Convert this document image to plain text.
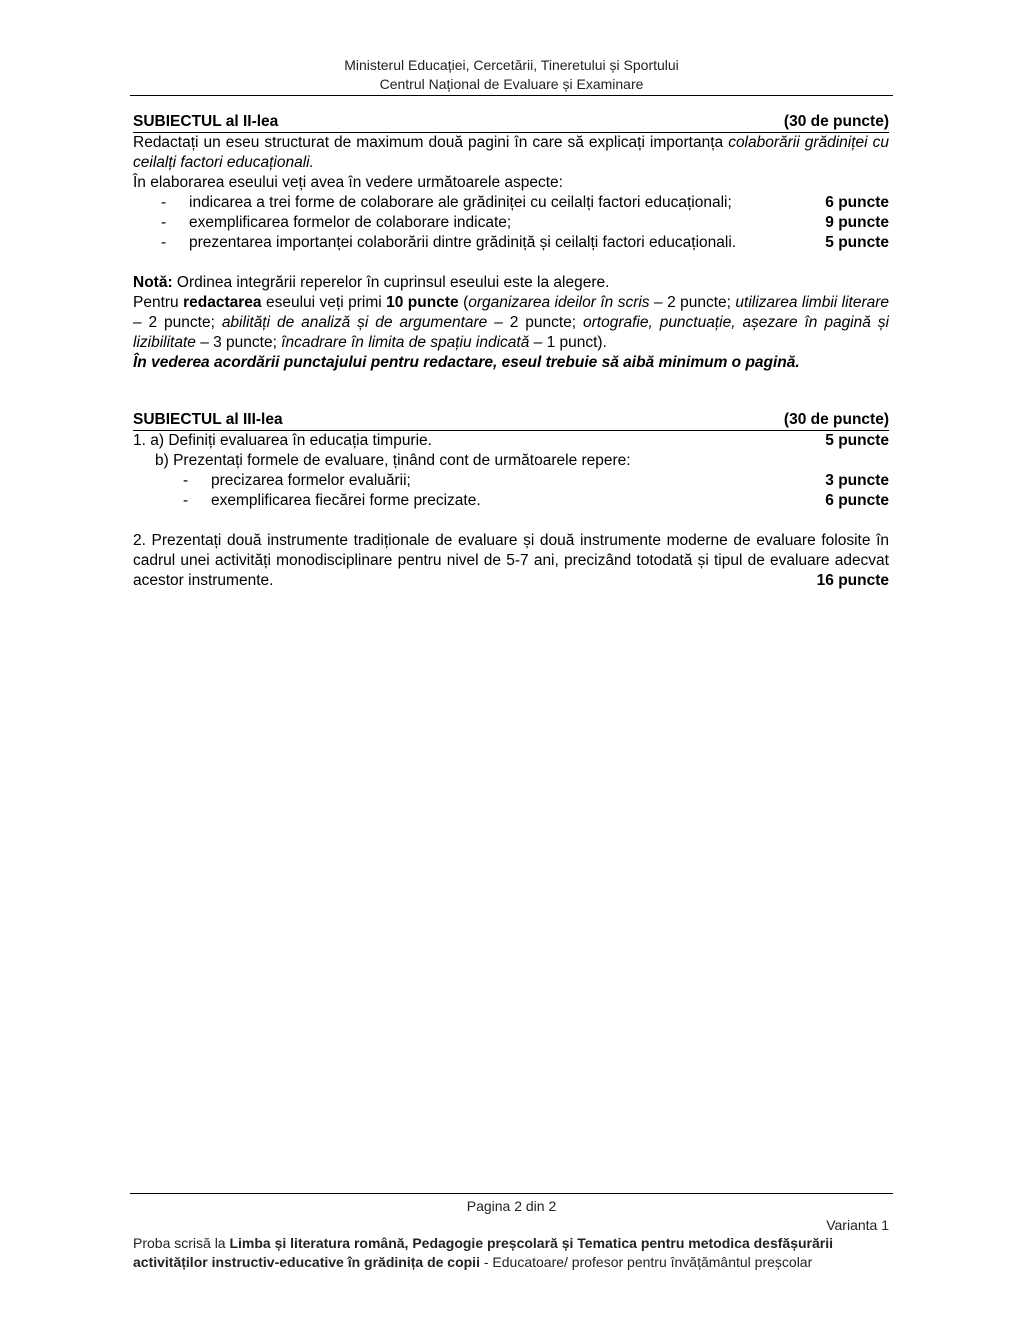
Ministerul Educației, Cercetării, Tineretului și Sportului
Centrul Național de Evaluare și Examinare
SUBIECTUL al II-lea	(30 de puncte)
Redactați un eseu structurat de maximum două pagini în care să explicați importanța colaborării grădiniței cu ceilalți factori educaționali.
În elaborarea eseului veți avea în vedere următoarele aspecte:
- indicarea a trei forme de colaborare ale grădiniței cu ceilalți factori educaționali;	6 puncte
- exemplificarea formelor de colaborare indicate;	9 puncte
- prezentarea importanței colaborării dintre grădiniță și ceilalți factori educaționali.	5 puncte
Notă: Ordinea integrării reperelor în cuprinsul eseului este la alegere.
Pentru redactarea eseului veți primi 10 puncte (organizarea ideilor în scris – 2 puncte; utilizarea limbii literare – 2 puncte; abilități de analiză și de argumentare – 2 puncte; ortografie, punctuație, așezare în pagină și lizibilitate – 3 puncte; încadrare în limita de spațiu indicată – 1 punct).
În vederea acordării punctajului pentru redactare, eseul trebuie să aibă minimum o pagină.
SUBIECTUL al III-lea	(30 de puncte)
1. a) Definiți evaluarea în educația timpurie.	5 puncte
b) Prezentați formele de evaluare, ținând cont de următoarele repere:
- precizarea formelor evaluării;	3 puncte
- exemplificarea fiecărei forme precizate.	6 puncte
2. Prezentați două instrumente tradiționale de evaluare și două instrumente moderne de evaluare folosite în cadrul unei activități monodisciplinare pentru nivel de 5-7 ani, precizând totodată și tipul de evaluare adecvat acestor instrumente.	16 puncte
Pagina 2 din 2
Varianta 1
Proba scrisă la Limba și literatura română, Pedagogie preșcolară și Tematica pentru metodica desfășurării activităților instructiv-educative în grădinița de copii - Educatoare/ profesor pentru învățământul preșcolar
